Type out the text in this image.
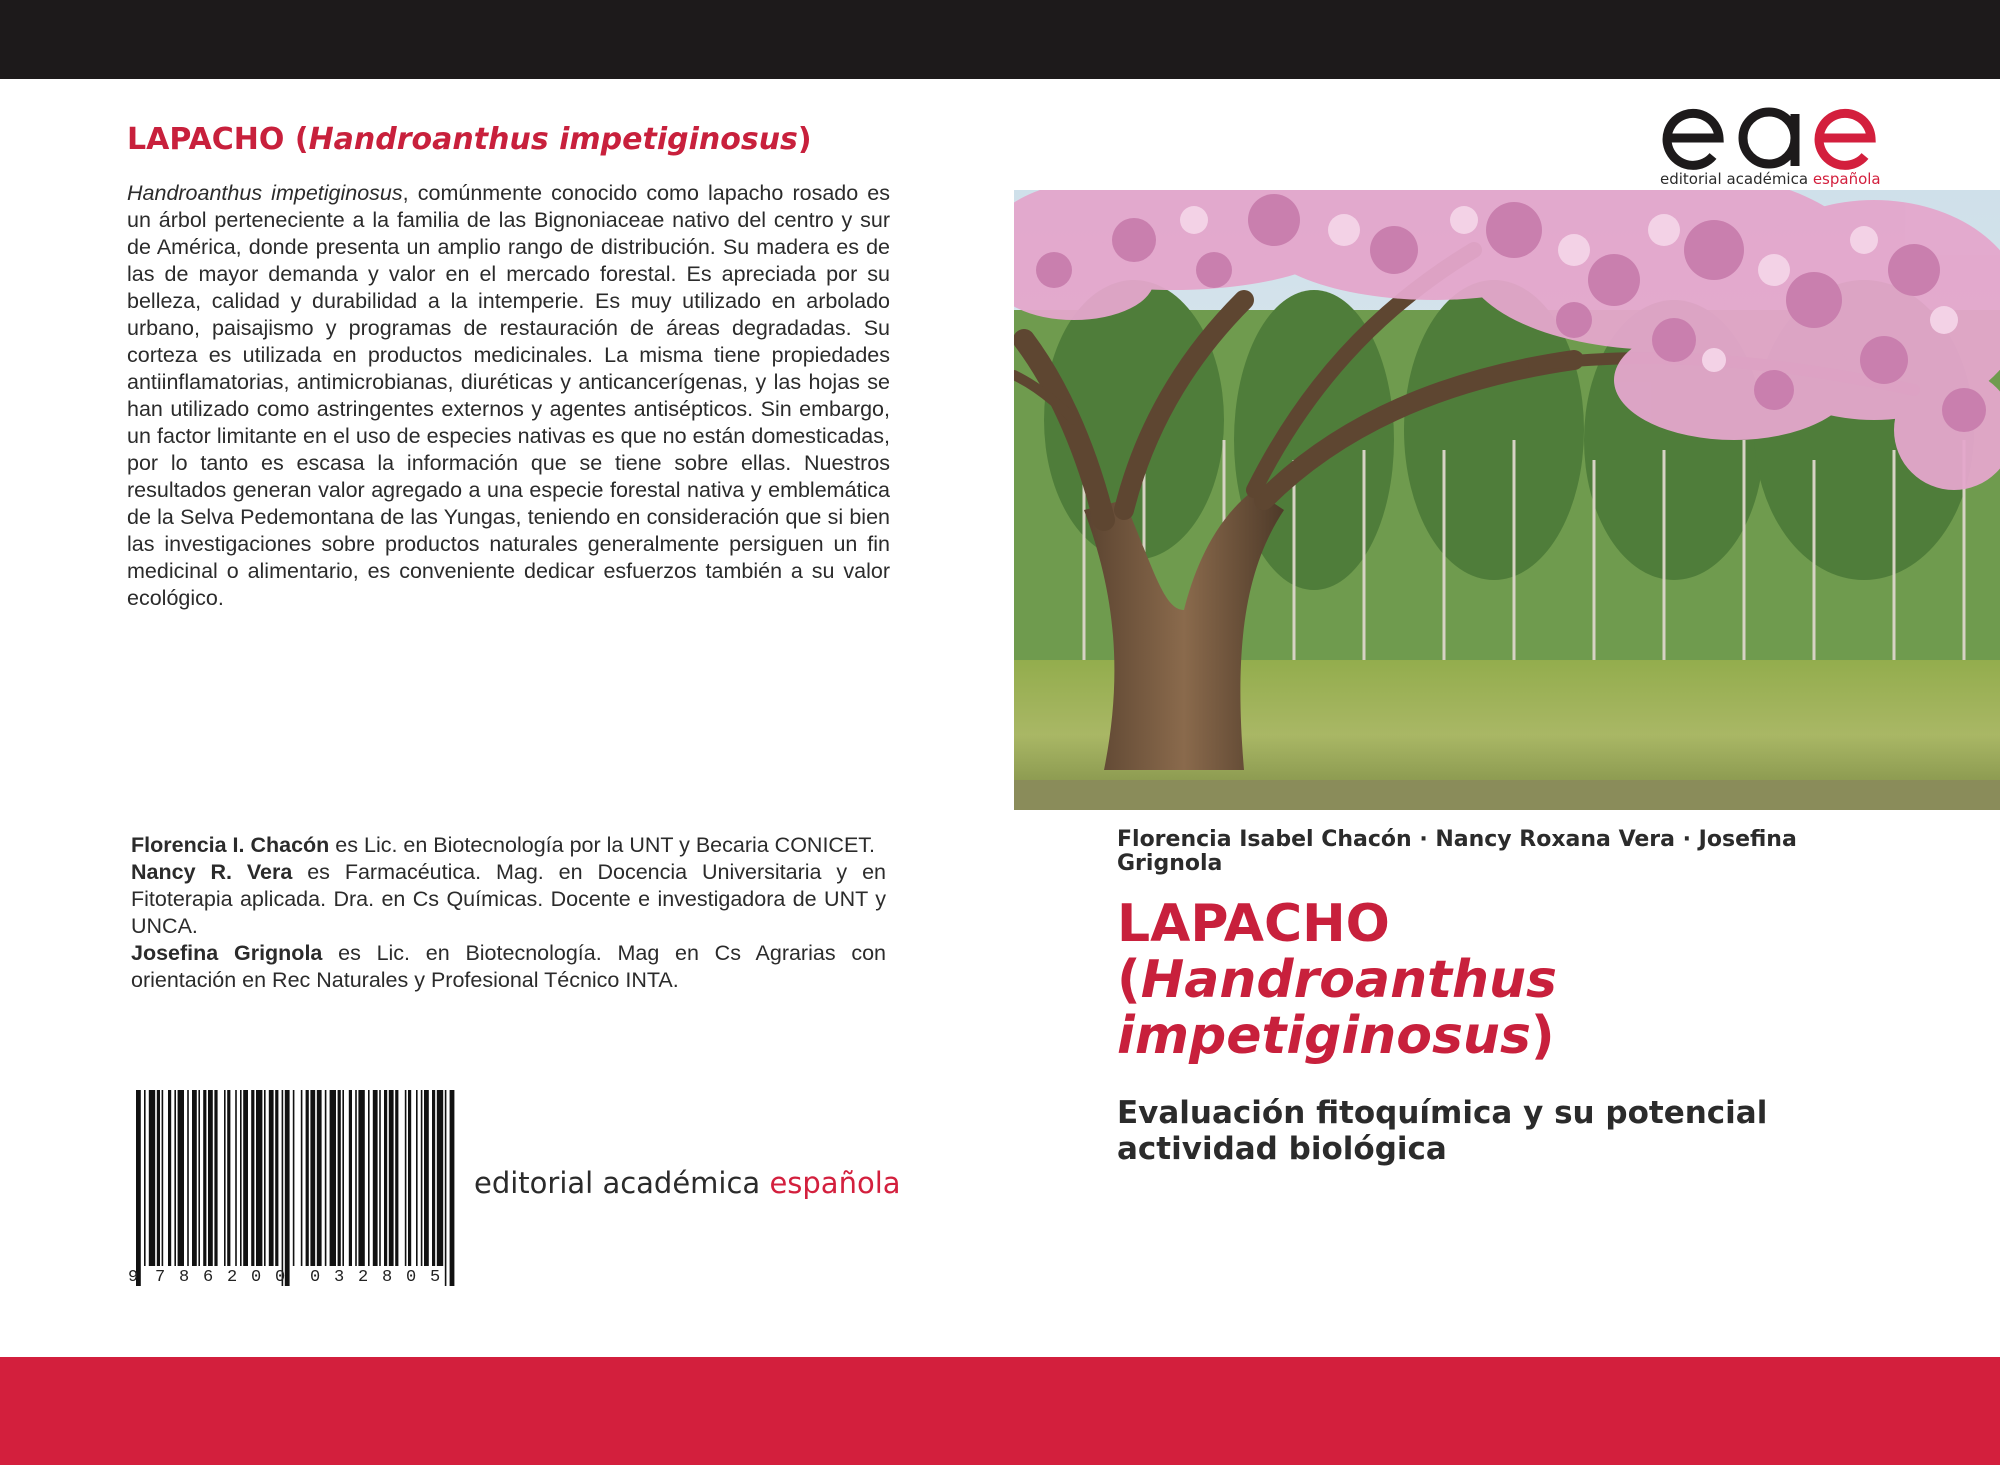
LAPACHO (Handroanthus impetiginosus)

Handroanthus impetiginosus, comúnmente conocido como lapacho rosado es un árbol perteneciente a la familia de las Bignoniaceae nativo del centro y sur de América, donde presenta un amplio rango de distribución. Su madera es de las de mayor demanda y valor en el mercado forestal. Es apreciada por su belleza, calidad y durabilidad a la intemperie. Es muy utilizado en arbolado urbano, paisajismo y programas de restauración de áreas degradadas. Su corteza es utilizada en productos medicinales. La misma tiene propiedades antiinflamatorias, antimicrobianas, diuréticas y anticancerígenas, y las hojas se han utilizado como astringentes externos y agentes antisépticos. Sin embargo, un factor limitante en el uso de especies nativas es que no están domesticadas, por lo tanto es escasa la información que se tiene sobre ellas. Nuestros resultados generan valor agregado a una especie forestal nativa y emblemática de la Selva Pedemontana de las Yungas, teniendo en consideración que si bien las investigaciones sobre productos naturales generalmente persiguen un fin medicinal o alimentario, es conveniente dedicar esfuerzos también a su valor ecológico.

Florencia I. Chacón es Lic. en Biotecnología por la UNT y Becaria CONICET.

Nancy R. Vera es Farmacéutica. Mag. en Docencia Universitaria y en Fitoterapia aplicada. Dra. en Cs Químicas. Docente e investigadora de UNT y UNCA.

Josefina Grignola es Lic. en Biotecnología. Mag en Cs Agrarias con orientación en Rec Naturales y Profesional Técnico INTA.

9 7 8 6 2 0 0 0 3 2 8 0 5

editorial académica española

editorial académica española

Florencia Isabel Chacón · Nancy Roxana Vera · Josefina Grignola

LAPACHO
(Handroanthus
impetiginosus)

Evaluación fitoquímica y su potencial actividad biológica
